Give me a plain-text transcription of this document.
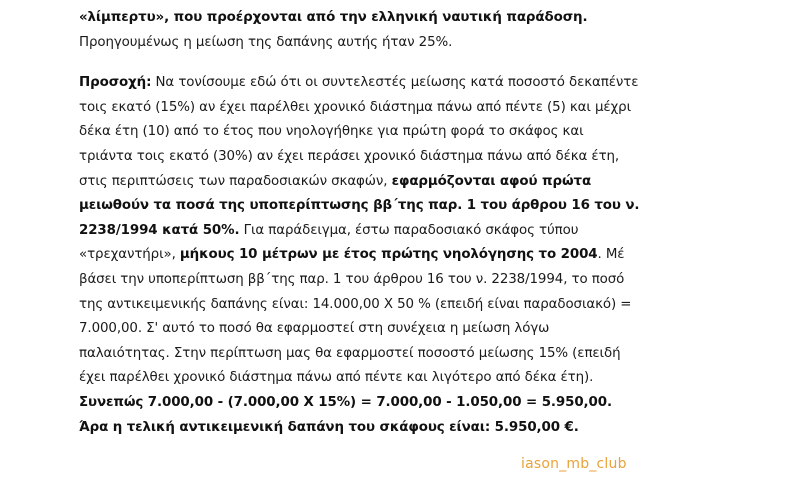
«λίμπερτυ», που προέρχονται από την ελληνική ναυτική παράδοση.
Προηγουμένως η μείωση της δαπάνης αυτής ήταν 25%.
Προσοχή: Να τονίσουμε εδώ ότι οι συντελεστές μείωσης κατά ποσοστό δεκαπέντε
τοις εκατό (15%) αν έχει παρέλθει χρονικό διάστημα πάνω από πέντε (5) και μέχρι
δέκα έτη (10) από το έτος που νηολογήθηκε για πρώτη φορά το σκάφος και
τριάντα τοις εκατό (30%) αν έχει περάσει χρονικό διάστημα πάνω από δέκα έτη,
στις περιπτώσεις των παραδοσιακών σκαφών, εφαρμόζονται αφού πρώτα
μειωθούν τα ποσά της υποπερίπτωσης ββ΄της παρ. 1 του άρθρου 16 του ν.
2238/1994 κατά 50%. Για παράδειγμα, έστω παραδοσιακό σκάφος τύπου
«τρεχαντήρι», μήκους 10 μέτρων με έτος πρώτης νηολόγησης το 2004. Μέ
βάσει την υποπερίπτωση ββ΄της παρ. 1 του άρθρου 16 του ν. 2238/1994, το ποσό
της αντικειμενικής δαπάνης είναι: 14.000,00 Χ 50 % (επειδή είναι παραδοσιακό) =
7.000,00. Σ' αυτό το ποσό θα εφαρμοστεί στη συνέχεια η μείωση λόγω
παλαιότητας. Στην περίπτωση μας θα εφαρμοστεί ποσοστό μείωσης 15% (επειδή
έχει παρέλθει χρονικό διάστημα πάνω από πέντε και λιγότερο από δέκα έτη).
Συνεπώς 7.000,00 - (7.000,00 Χ 15%) = 7.000,00 - 1.050,00 = 5.950,00.
Άρα η τελική αντικειμενική δαπάνη του σκάφους είναι: 5.950,00 €.
iason_mb_club
